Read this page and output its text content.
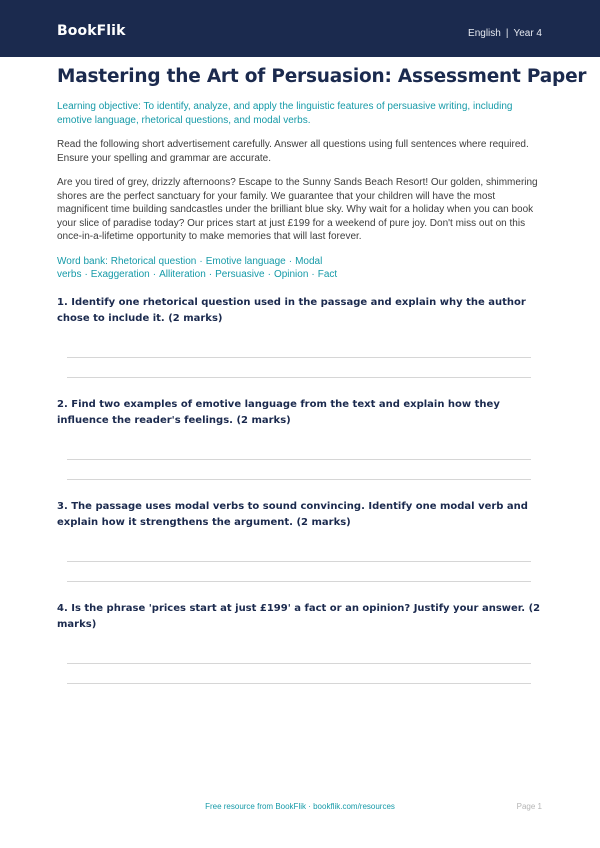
BookFlik	English | Year 4
Mastering the Art of Persuasion: Assessment Paper

Learning objective: To identify, analyze, and apply the linguistic features of persuasive writing, including emotive language, rhetorical questions, and modal verbs.

Read the following short advertisement carefully. Answer all questions using full sentences where required. Ensure your spelling and grammar are accurate.

Are you tired of grey, drizzly afternoons? Escape to the Sunny Sands Beach Resort! Our golden, shimmering shores are the perfect sanctuary for your family. We guarantee that your children will have the most magnificent time building sandcastles under the brilliant blue sky. Why wait for a holiday when you can book your slice of paradise today? Our prices start at just £199 for a weekend of pure joy. Don't miss out on this once-in-a-lifetime opportunity to make memories that will last forever.

Word bank: Rhetorical question · Emotive language · Modal verbs · Exaggeration · Alliteration · Persuasive · Opinion · Fact

1. Identify one rhetorical question used in the passage and explain why the author chose to include it. (2 marks)

2. Find two examples of emotive language from the text and explain how they influence the reader's feelings. (2 marks)

3. The passage uses modal verbs to sound convincing. Identify one modal verb and explain how it strengthens the argument. (2 marks)

4. Is the phrase 'prices start at just £199' a fact or an opinion? Justify your answer. (2 marks)

Free resource from BookFlik · bookflik.com/resources	Page 1
